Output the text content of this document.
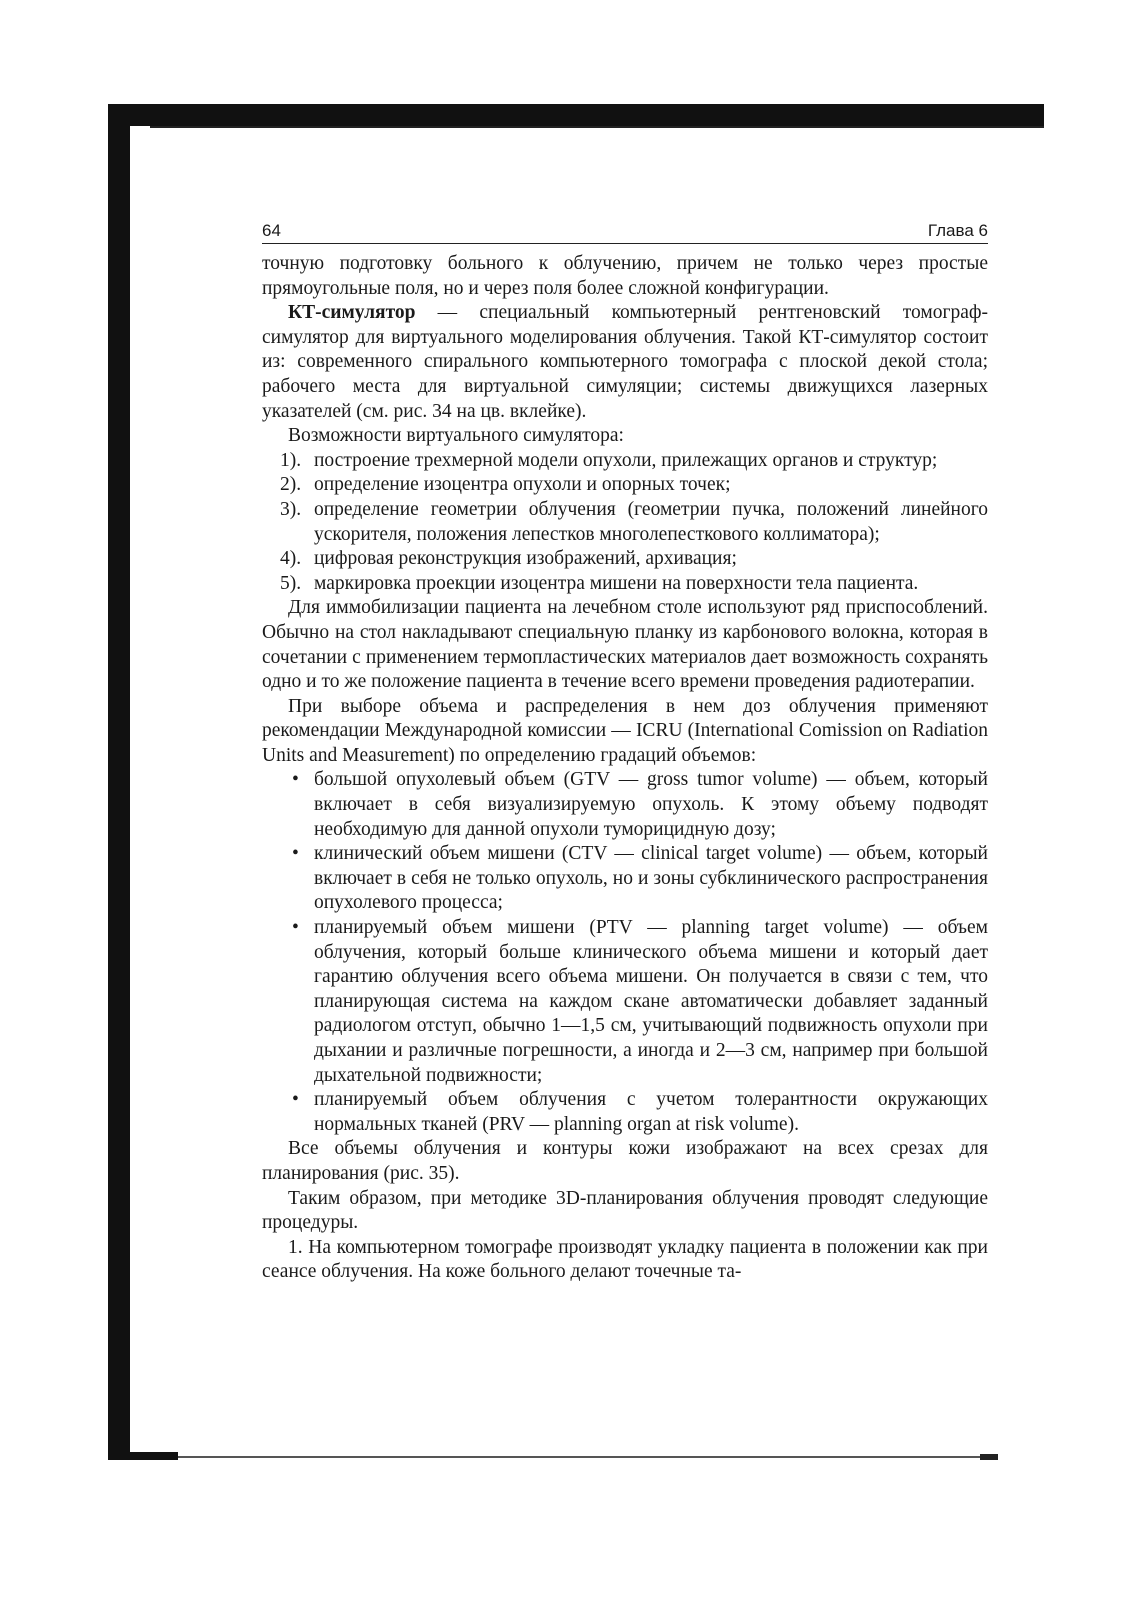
64	Глава 6

точную подготовку больного к облучению, причем не только через простые прямоугольные поля, но и через поля более сложной конфигурации.

КТ-симулятор — специальный компьютерный рентгеновский томограф-симулятор для виртуального моделирования облучения. Такой КТ-симулятор состоит из: современного спирального компьютерного томографа с плоской декой стола; рабочего места для виртуальной симуляции; системы движущихся лазерных указателей (см. рис. 34 на цв. вклейке).

Возможности виртуального симулятора:

1). построение трехмерной модели опухоли, прилежащих органов и структур;
2). определение изоцентра опухоли и опорных точек;
3). определение геометрии облучения (геометрии пучка, положений линейного ускорителя, положения лепестков многолепесткового коллиматора);
4). цифровая реконструкция изображений, архивация;
5). маркировка проекции изоцентра мишени на поверхности тела пациента.

Для иммобилизации пациента на лечебном столе используют ряд приспособлений. Обычно на стол накладывают специальную планку из карбонового волокна, которая в сочетании с применением термопластических материалов дает возможность сохранять одно и то же положение пациента в течение всего времени проведения радиотерапии.

При выборе объема и распределения в нем доз облучения применяют рекомендации Международной комиссии — ICRU (International Comission on Radiation Units and Measurement) по определению градаций объемов:

• большой опухолевый объем (GTV — gross tumor volume) — объем, который включает в себя визуализируемую опухоль. К этому объему подводят необходимую для данной опухоли туморицидную дозу;
• клинический объем мишени (CTV — clinical target volume) — объем, который включает в себя не только опухоль, но и зоны субклинического распространения опухолевого процесса;
• планируемый объем мишени (PTV — planning target volume) — объем облучения, который больше клинического объема мишени и который дает гарантию облучения всего объема мишени. Он получается в связи с тем, что планирующая система на каждом скане автоматически добавляет заданный радиологом отступ, обычно 1—1,5 см, учитывающий подвижность опухоли при дыхании и различные погрешности, а иногда и 2—3 см, например при большой дыхательной подвижности;
• планируемый объем облучения с учетом толерантности окружающих нормальных тканей (PRV — planning organ at risk volume).

Все объемы облучения и контуры кожи изображают на всех срезах для планирования (рис. 35).

Таким образом, при методике 3D-планирования облучения проводят следующие процедуры.

1. На компьютерном томографе производят укладку пациента в положении как при сеансе облучения. На коже больного делают точечные та-
